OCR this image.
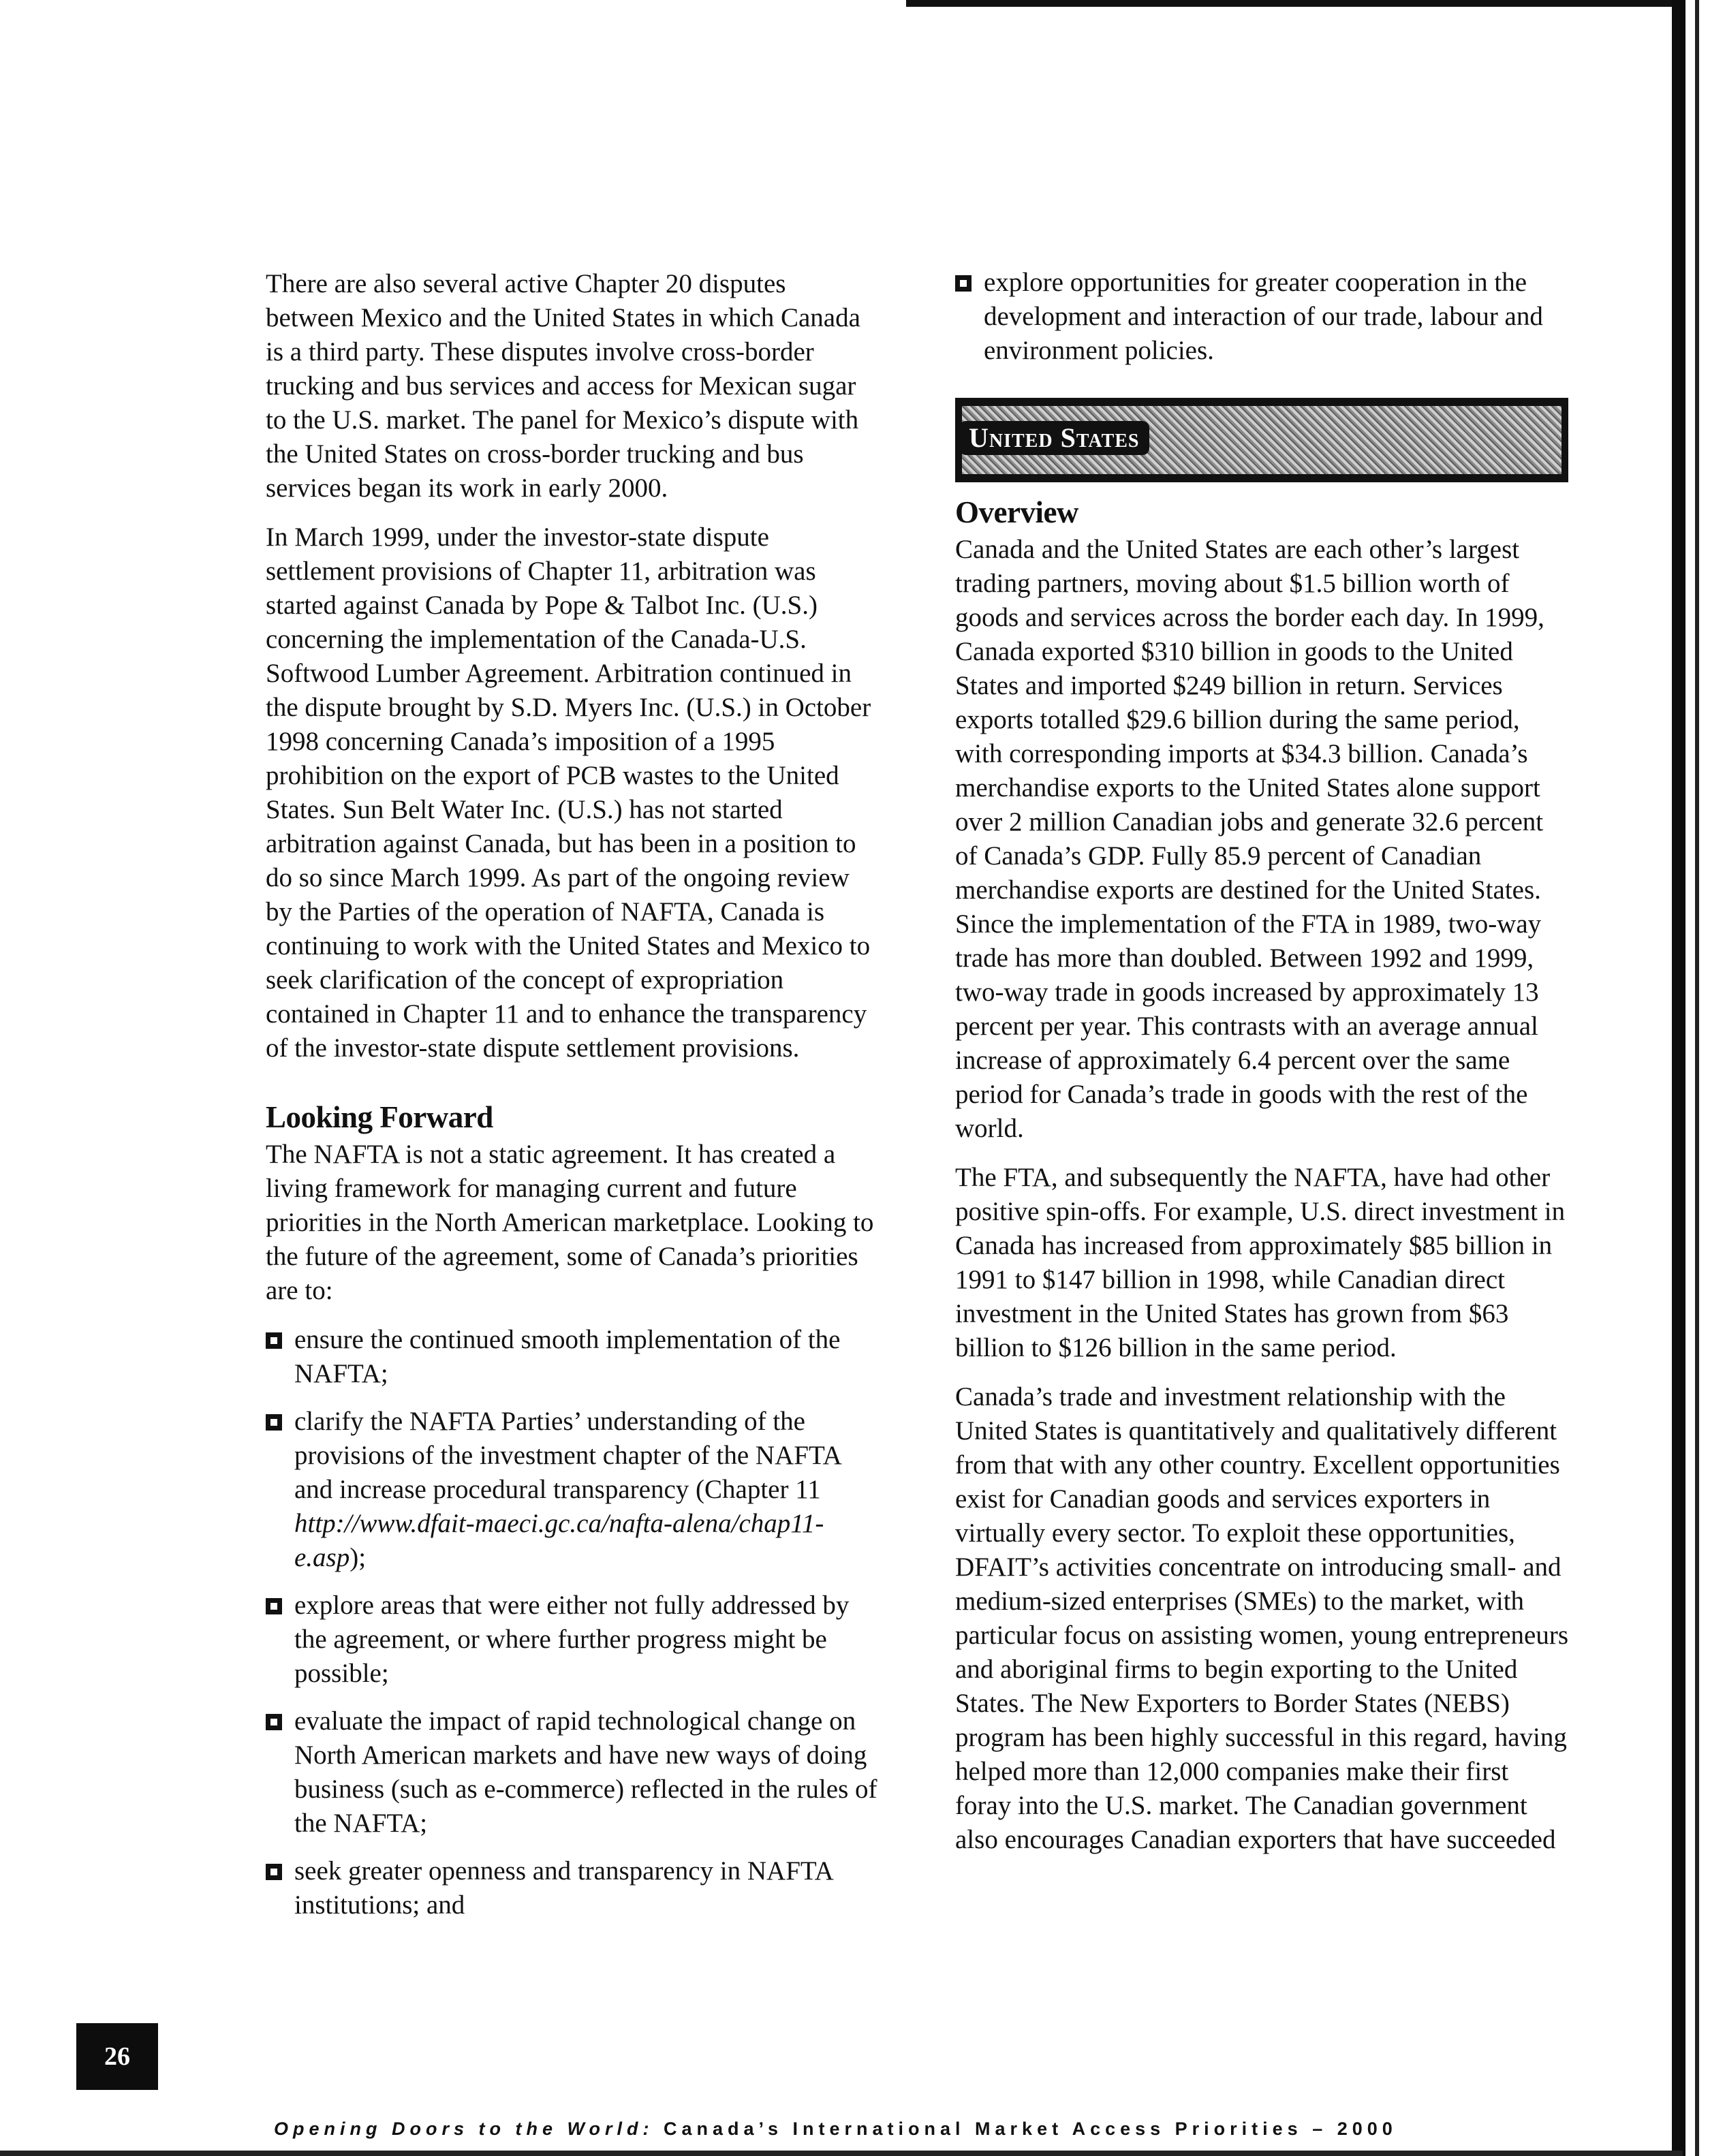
There are also several active Chapter 20 disputes between Mexico and the United States in which Canada is a third party. These disputes involve cross-border trucking and bus services and access for Mexican sugar to the U.S. market. The panel for Mexico’s dispute with the United States on cross-border trucking and bus services began its work in early 2000.

In March 1999, under the investor-state dispute settlement provisions of Chapter 11, arbitration was started against Canada by Pope & Talbot Inc. (U.S.) concerning the implementation of the Canada-U.S. Softwood Lumber Agreement. Arbitration continued in the dispute brought by S.D. Myers Inc. (U.S.) in October 1998 concerning Canada’s imposition of a 1995 prohibition on the export of PCB wastes to the United States. Sun Belt Water Inc. (U.S.) has not started arbitration against Canada, but has been in a position to do so since March 1999. As part of the ongoing review by the Parties of the operation of NAFTA, Canada is continuing to work with the United States and Mexico to seek clarification of the concept of expropriation contained in Chapter 11 and to enhance the transparency of the investor-state dispute settlement provisions.

Looking Forward

The NAFTA is not a static agreement. It has created a living framework for managing current and future priorities in the North American marketplace. Looking to the future of the agreement, some of Canada’s priorities are to:

ensure the continued smooth implementation of the NAFTA;
clarify the NAFTA Parties’ understanding of the provisions of the investment chapter of the NAFTA and increase procedural transparency (Chapter 11 http://www.dfait-maeci.gc.ca/nafta-alena/chap11-e.asp);
explore areas that were either not fully addressed by the agreement, or where further progress might be possible;
evaluate the impact of rapid technological change on North American markets and have new ways of doing business (such as e-commerce) reflected in the rules of the NAFTA;
seek greater openness and transparency in NAFTA institutions; and
explore opportunities for greater cooperation in the development and interaction of our trade, labour and environment policies.
United States
Overview

Canada and the United States are each other’s largest trading partners, moving about $1.5 billion worth of goods and services across the border each day. In 1999, Canada exported $310 billion in goods to the United States and imported $249 billion in return. Services exports totalled $29.6 billion during the same period, with corresponding imports at $34.3 billion. Canada’s merchandise exports to the United States alone support over 2 million Canadian jobs and generate 32.6 percent of Canada’s GDP. Fully 85.9 percent of Canadian merchandise exports are destined for the United States. Since the implementation of the FTA in 1989, two-way trade has more than doubled. Between 1992 and 1999, two-way trade in goods increased by approximately 13 percent per year. This contrasts with an average annual increase of approximately 6.4 percent over the same period for Canada’s trade in goods with the rest of the world.

The FTA, and subsequently the NAFTA, have had other positive spin-offs. For example, U.S. direct investment in Canada has increased from approximately $85 billion in 1991 to $147 billion in 1998, while Canadian direct investment in the United States has grown from $63 billion to $126 billion in the same period.

Canada’s trade and investment relationship with the United States is quantitatively and qualitatively different from that with any other country. Excellent opportunities exist for Canadian goods and services exporters in virtually every sector. To exploit these opportunities, DFAIT’s activities concentrate on introducing small- and medium-sized enterprises (SMEs) to the market, with particular focus on assisting women, young entrepreneurs and aboriginal firms to begin exporting to the United States. The New Exporters to Border States (NEBS) program has been highly successful in this regard, having helped more than 12,000 companies make their first foray into the U.S. market. The Canadian government also encourages Canadian exporters that have succeeded

26
Opening Doors to the World: Canada’s International Market Access Priorities – 2000
